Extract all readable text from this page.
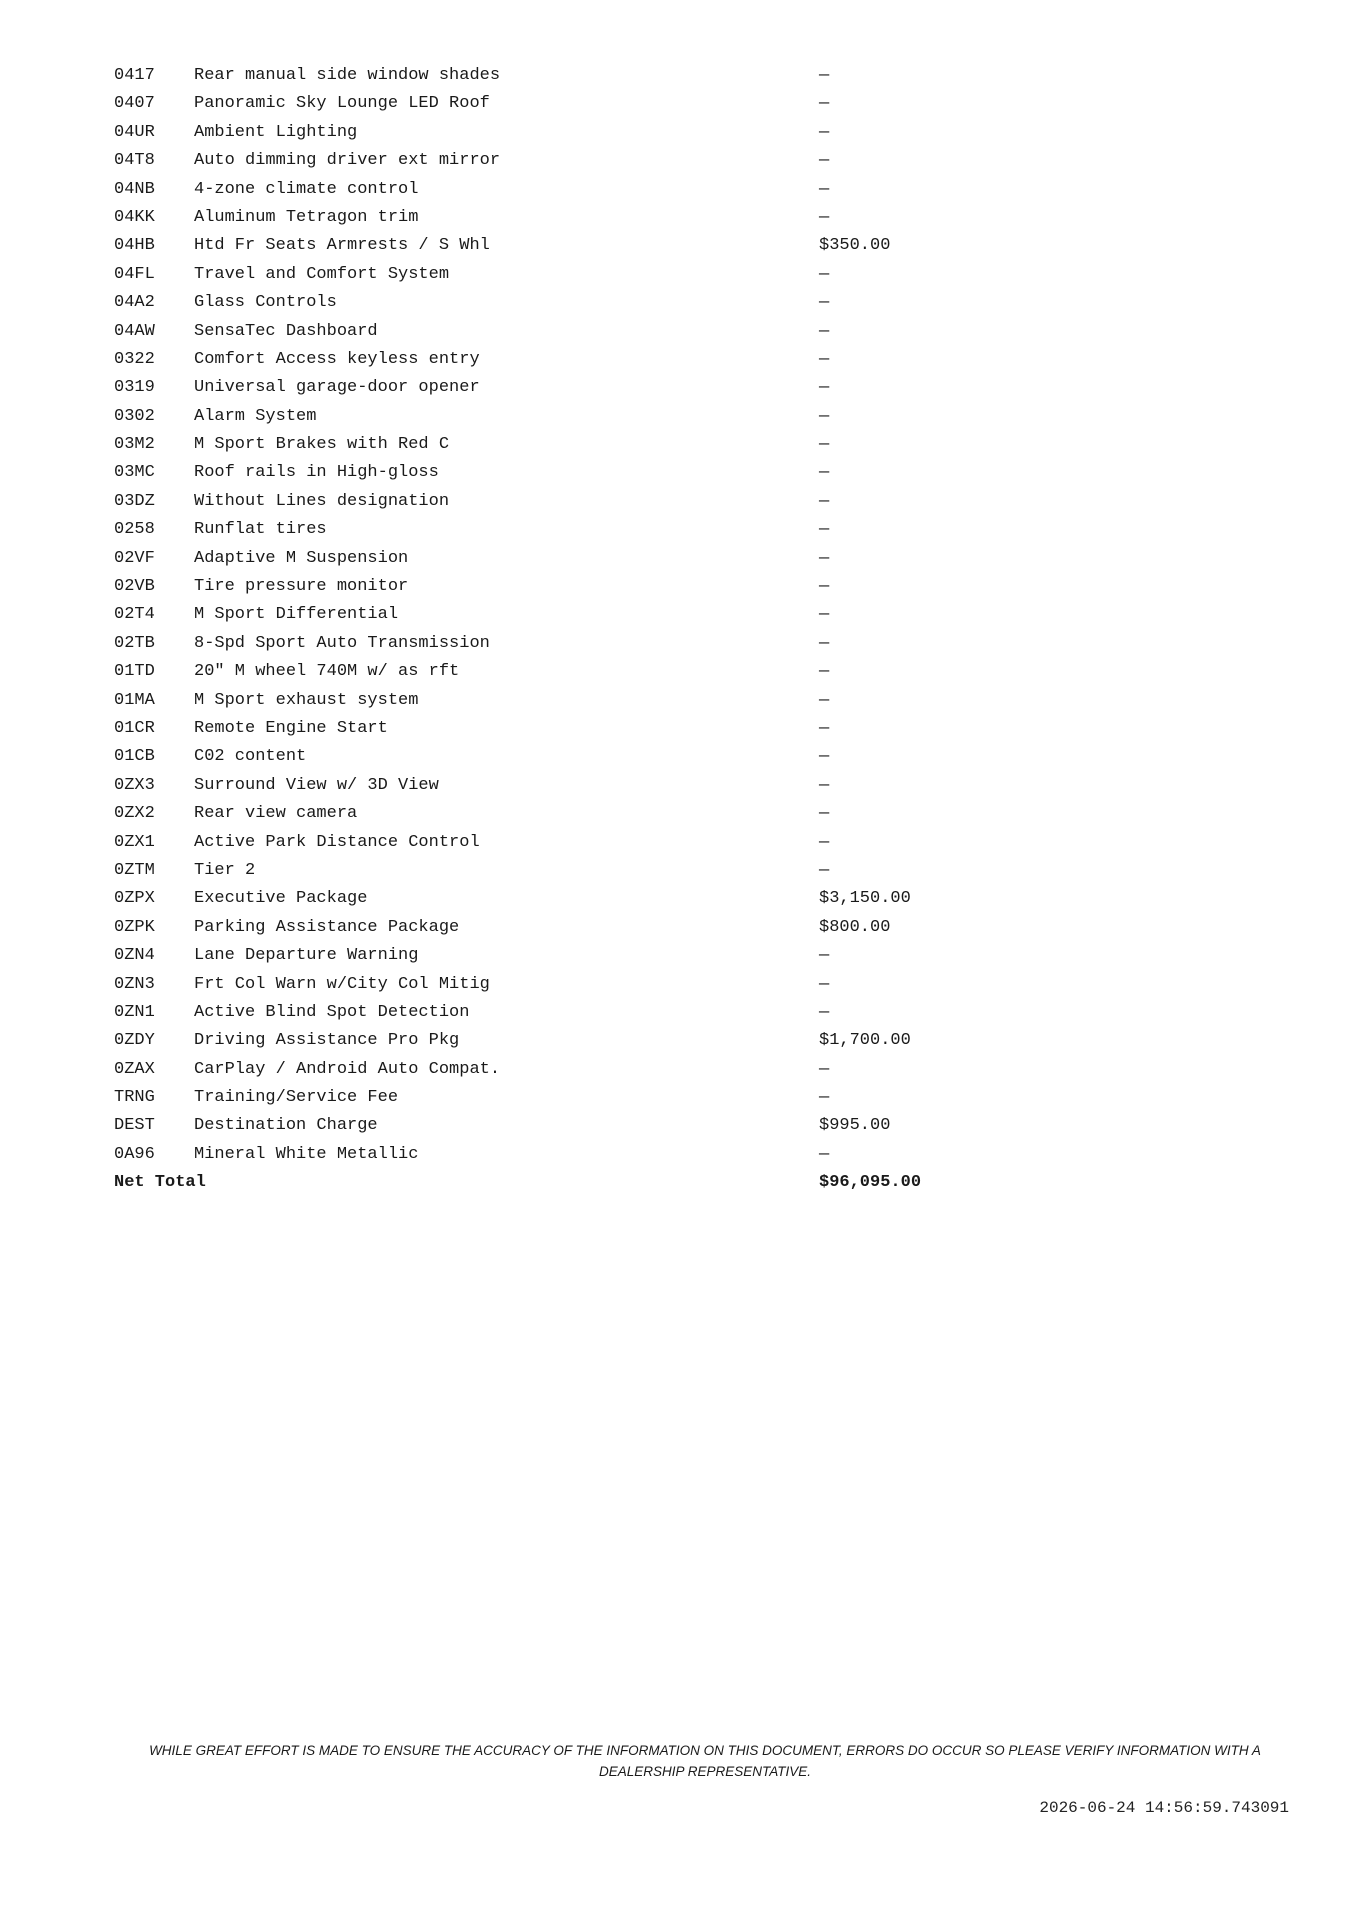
0417 Rear manual side window shades	—
0407 Panoramic Sky Lounge LED Roof	—
04UR Ambient Lighting	—
04T8 Auto dimming driver ext mirror	—
04NB 4-zone climate control	—
04KK Aluminum Tetragon trim	—
04HB Htd Fr Seats Armrests / S Whl	$350.00
04FL Travel and Comfort System	—
04A2 Glass Controls	—
04AW SensaTec Dashboard	—
0322 Comfort Access keyless entry	—
0319 Universal garage-door opener	—
0302 Alarm System	—
03M2 M Sport Brakes with Red C	—
03MC Roof rails in High-gloss	—
03DZ Without Lines designation	—
0258 Runflat tires	—
02VF Adaptive M Suspension	—
02VB Tire pressure monitor	—
02T4 M Sport Differential	—
02TB 8-Spd Sport Auto Transmission	—
01TD 20" M wheel 740M w/ as rft	—
01MA M Sport exhaust system	—
01CR Remote Engine Start	—
01CB C02 content	—
0ZX3 Surround View w/ 3D View	—
0ZX2 Rear view camera	—
0ZX1 Active Park Distance Control	—
0ZTM Tier 2	—
0ZPX Executive Package	$3,150.00
0ZPK Parking Assistance Package	$800.00
0ZN4 Lane Departure Warning	—
0ZN3 Frt Col Warn w/City Col Mitig	—
0ZN1 Active Blind Spot Detection	—
0ZDY Driving Assistance Pro Pkg	$1,700.00
0ZAX CarPlay / Android Auto Compat.	—
TRNG Training/Service Fee	—
DEST Destination Charge	$995.00
0A96 Mineral White Metallic	—
Net Total	$96,095.00
WHILE GREAT EFFORT IS MADE TO ENSURE THE ACCURACY OF THE INFORMATION ON THIS DOCUMENT, ERRORS DO OCCUR SO PLEASE VERIFY INFORMATION WITH A DEALERSHIP REPRESENTATIVE.
2026-06-24 14:56:59.743091
